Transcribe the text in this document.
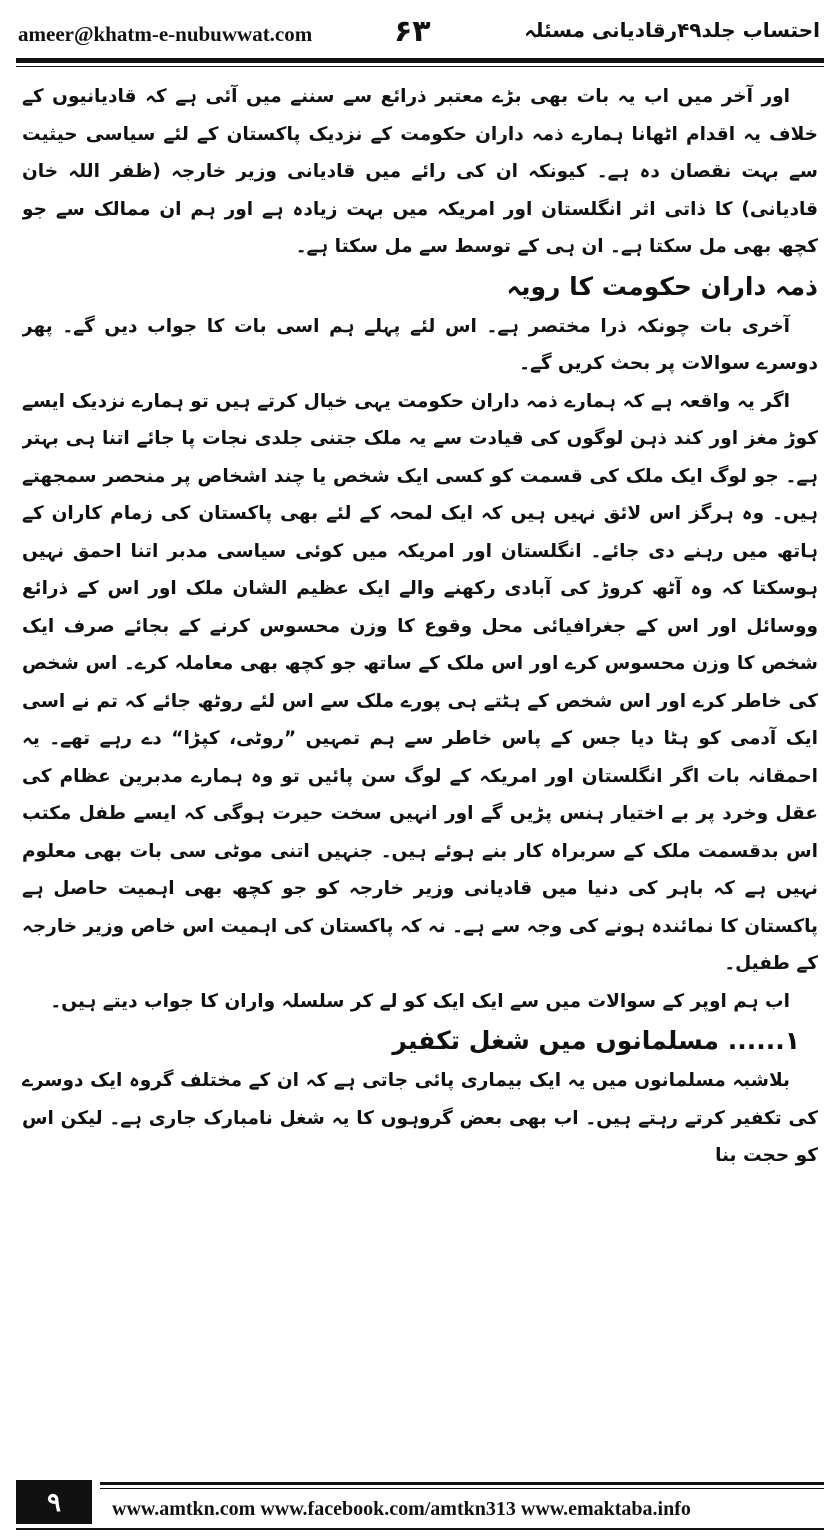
ameer@khatm-e-nubuwwat.com	۶۳	احتساب جلد۴۹رقادیانی مسئلہ

اور آخر میں اب یہ بات بھی بڑے معتبر ذرائع سے سننے میں آئی ہے کہ قادیانیوں کے خلاف یہ اقدام اٹھانا ہمارے ذمہ داران حکومت کے نزدیک پاکستان کے لئے سیاسی حیثیت سے بہت نقصان دہ ہے۔ کیونکہ ان کی رائے میں قادیانی وزیر خارجہ (ظفر اللہ خان قادیانی) کا ذاتی اثر انگلستان اور امریکہ میں بہت زیادہ ہے اور ہم ان ممالک سے جو کچھ بھی مل سکتا ہے۔ ان ہی کے توسط سے مل سکتا ہے۔

ذمہ داران حکومت کا رویہ

آخری بات چونکہ ذرا مختصر ہے۔ اس لئے پہلے ہم اسی بات کا جواب دیں گے۔ پھر دوسرے سوالات پر بحث کریں گے۔

اگر یہ واقعہ ہے کہ ہمارے ذمہ داران حکومت یہی خیال کرتے ہیں تو ہمارے نزدیک ایسے کوڑ مغز اور کند ذہن لوگوں کی قیادت سے یہ ملک جتنی جلدی نجات پا جائے اتنا ہی بہتر ہے۔ جو لوگ ایک ملک کی قسمت کو کسی ایک شخص یا چند اشخاص پر منحصر سمجھتے ہیں۔ وہ ہرگز اس لائق نہیں ہیں کہ ایک لمحہ کے لئے بھی پاکستان کی زمام کاران کے ہاتھ میں رہنے دی جائے۔ انگلستان اور امریکہ میں کوئی سیاسی مدبر اتنا احمق نہیں ہوسکتا کہ وہ آٹھ کروڑ کی آبادی رکھنے والے ایک عظیم الشان ملک اور اس کے ذرائع ووسائل اور اس کے جغرافیائی محل وقوع کا وزن محسوس کرنے کے بجائے صرف ایک شخص کا وزن محسوس کرے اور اس ملک کے ساتھ جو کچھ بھی معاملہ کرے۔ اس شخص کی خاطر کرے اور اس شخص کے ہٹتے ہی پورے ملک سے اس لئے روٹھ جائے کہ تم نے اسی ایک آدمی کو ہٹا دیا جس کے پاس خاطر سے ہم تمہیں ”روٹی، کپڑا“ دے رہے تھے۔ یہ احمقانہ بات اگر انگلستان اور امریکہ کے لوگ سن پائیں تو وہ ہمارے مدبرین عظام کی عقل وخرد پر بے اختیار ہنس پڑیں گے اور انہیں سخت حیرت ہوگی کہ ایسے طفل مکتب اس بدقسمت ملک کے سربراہ کار بنے ہوئے ہیں۔ جنہیں اتنی موٹی سی بات بھی معلوم نہیں ہے کہ باہر کی دنیا میں قادیانی وزیر خارجہ کو جو کچھ بھی اہمیت حاصل ہے پاکستان کا نمائندہ ہونے کی وجہ سے ہے۔ نہ کہ پاکستان کی اہمیت اس خاص وزیر خارجہ کے طفیل۔

اب ہم اوپر کے سوالات میں سے ایک ایک کو لے کر سلسلہ واران کا جواب دیتے ہیں۔

۱...... مسلمانوں میں شغل تکفیر

بلاشبہ مسلمانوں میں یہ ایک بیماری پائی جاتی ہے کہ ان کے مختلف گروہ ایک دوسرے کی تکفیر کرتے رہتے ہیں۔ اب بھی بعض گروہوں کا یہ شغل نامبارک جاری ہے۔ لیکن اس کو حجت بنا

۹	www.amtkn.com www.facebook.com/amtkn313 www.emaktaba.info
